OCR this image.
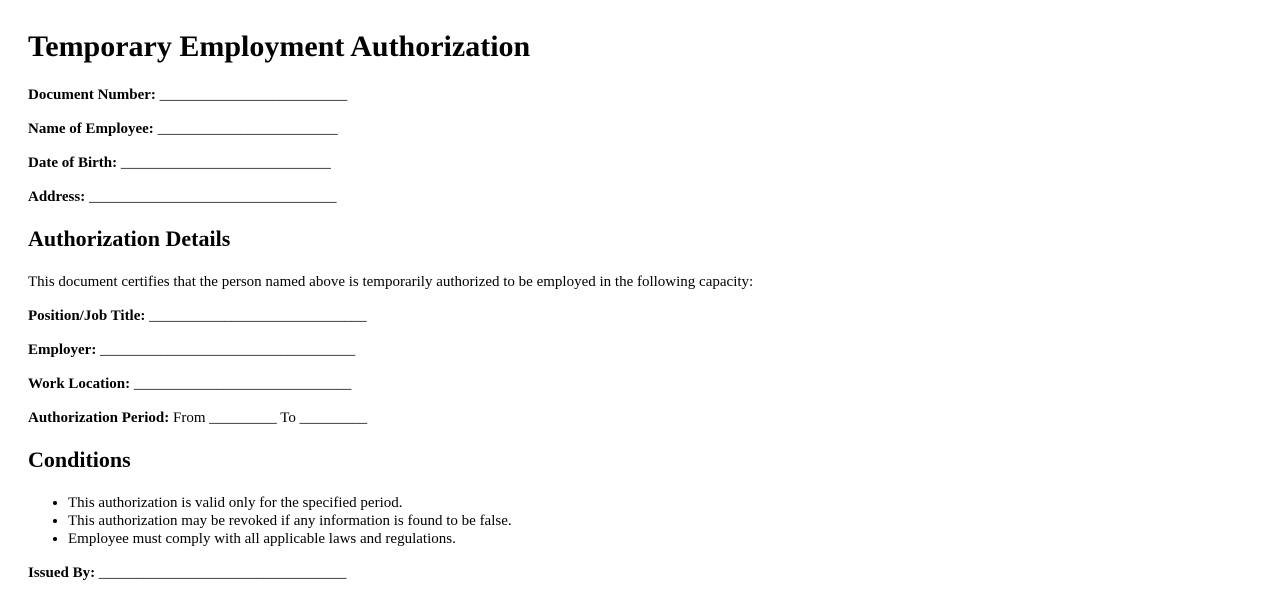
Temporary Employment Authorization

Document Number: _________________________

Name of Employee: ________________________

Date of Birth: ____________________________

Address: _________________________________

Authorization Details

This document certifies that the person named above is temporarily authorized to be employed in the following capacity:

Position/Job Title: _____________________________

Employer: __________________________________

Work Location: _____________________________

Authorization Period: From _________ To _________

Conditions
• This authorization is valid only for the specified period.
• This authorization may be revoked if any information is found to be false.
• Employee must comply with all applicable laws and regulations.

Issued By: _________________________________
